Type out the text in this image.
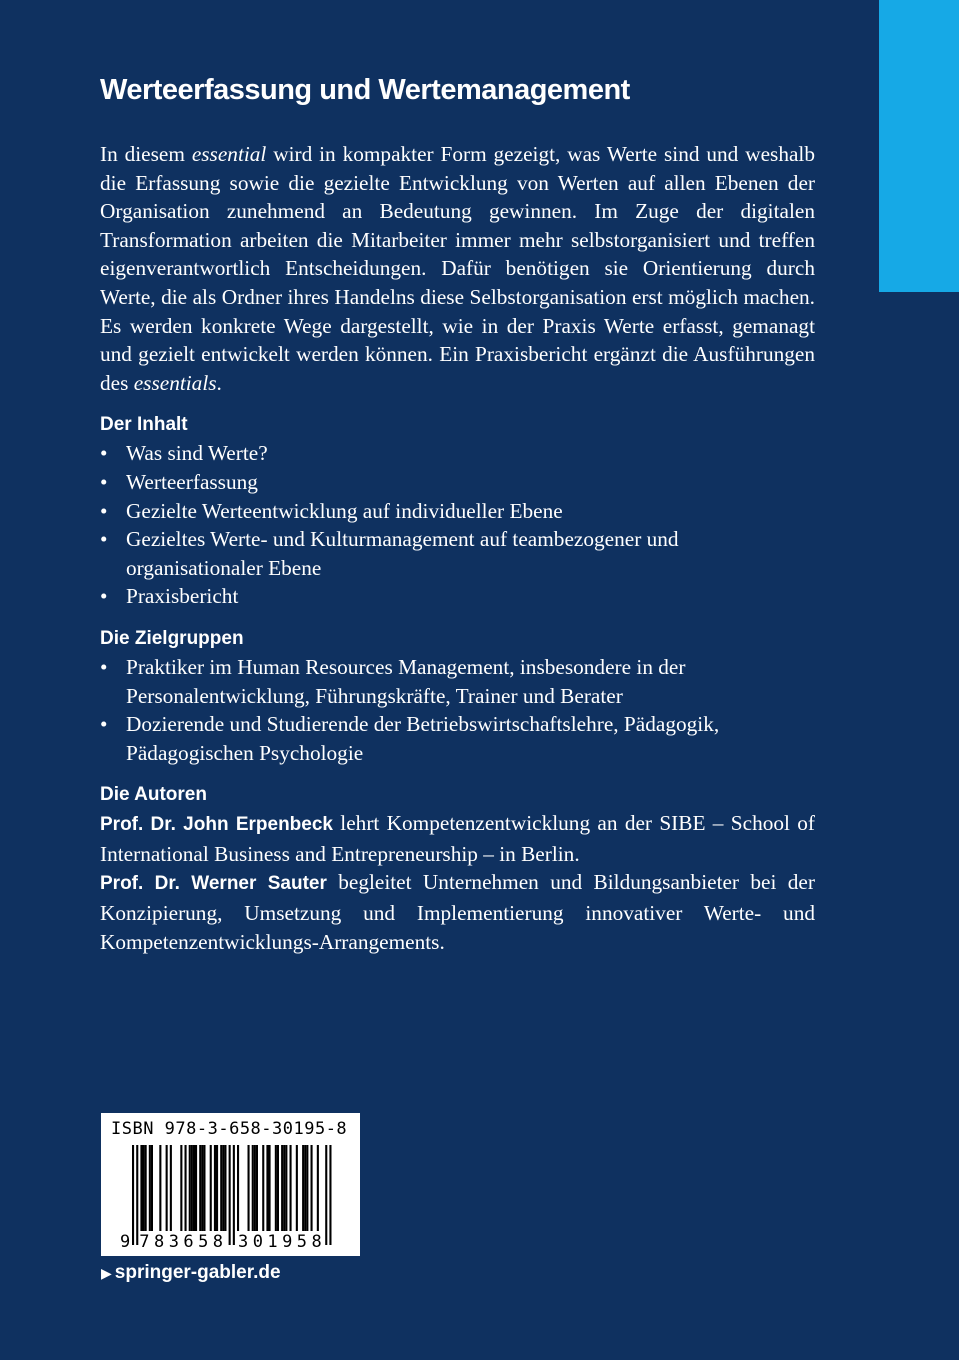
Werteerfassung und Wertemanagement

In diesem essential wird in kompakter Form gezeigt, was Werte sind und weshalb die Erfassung sowie die gezielte Entwicklung von Werten auf allen Ebenen der Organisation zunehmend an Bedeutung gewinnen. Im Zuge der digitalen Transformation arbeiten die Mitarbeiter immer mehr selbstorganisiert und treffen eigenverantwortlich Entscheidungen. Dafür benötigen sie Orientierung durch Werte, die als Ordner ihres Handelns diese Selbstorganisation erst möglich machen. Es werden konkrete Wege dargestellt, wie in der Praxis Werte erfasst, gemanagt und gezielt entwickelt werden können. Ein Praxisbericht ergänzt die Ausführungen des essentials.

Der Inhalt
• Was sind Werte?
• Werteerfassung
• Gezielte Werteentwicklung auf individueller Ebene
• Gezieltes Werte- und Kulturmanagement auf teambezogener und organisationaler Ebene
• Praxisbericht
Die Zielgruppen
• Praktiker im Human Resources Management, insbesondere in der Personalentwicklung, Führungskräfte, Trainer und Berater
• Dozierende und Studierende der Betriebswirtschaftslehre, Pädagogik, Pädagogischen Psychologie
Die Autoren

Prof. Dr. John Erpenbeck lehrt Kompetenzentwicklung an der SIBE – School of International Business and Entrepreneurship – in Berlin.

Prof. Dr. Werner Sauter begleitet Unternehmen und Bildungsanbieter bei der Konzipierung, Umsetzung und Implementierung innovativer Werte- und Kompetenzentwicklungs-Arrangements.

9 7 8 3 6 5 8 3 0 1 9 5 8
ISBN 978-3-658-30195-8
▶ springer-gabler.de
